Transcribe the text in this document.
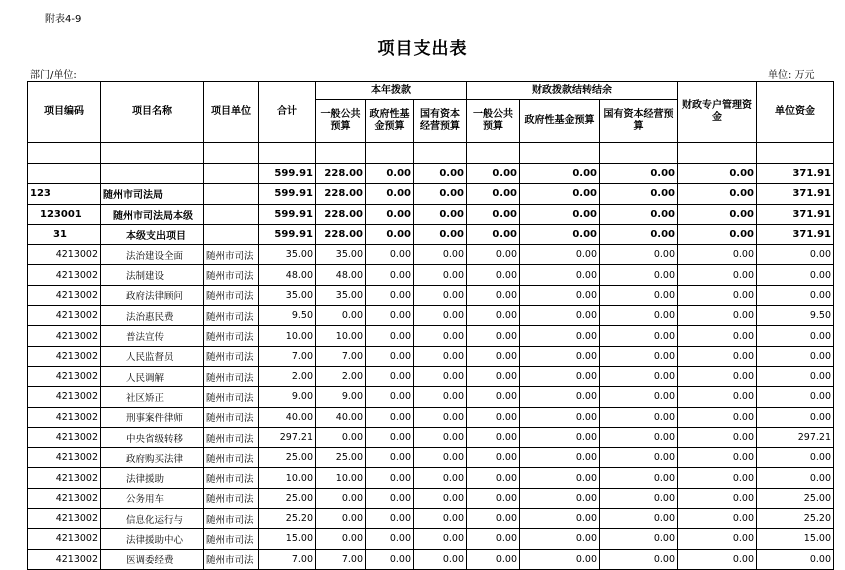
附表4-9
项目支出表
部门/单位:	单位: 万元
项目编码	项目名称	项目单位	合计	本年拨款			财政拨款结转结余			财政专户管理资金	单位资金
				一般公共预算	政府性基金预算	国有资本经营预算	一般公共预算	政府性基金预算	国有资本经营预算		

			599.91	228.00	0.00	0.00	0.00	0.00	0.00	0.00	371.91
123	随州市司法局		599.91	228.00	0.00	0.00	0.00	0.00	0.00	0.00	371.91
123001	随州市司法局本级		599.91	228.00	0.00	0.00	0.00	0.00	0.00	0.00	371.91
31	本级支出项目		599.91	228.00	0.00	0.00	0.00	0.00	0.00	0.00	371.91
4213002	法治建设全面	随州市司法	35.00	35.00	0.00	0.00	0.00	0.00	0.00	0.00	0.00
4213002	法制建设	随州市司法	48.00	48.00	0.00	0.00	0.00	0.00	0.00	0.00	0.00
4213002	政府法律顾问	随州市司法	35.00	35.00	0.00	0.00	0.00	0.00	0.00	0.00	0.00
4213002	法治惠民费	随州市司法	9.50	0.00	0.00	0.00	0.00	0.00	0.00	0.00	9.50
4213002	普法宣传	随州市司法	10.00	10.00	0.00	0.00	0.00	0.00	0.00	0.00	0.00
4213002	人民监督员	随州市司法	7.00	7.00	0.00	0.00	0.00	0.00	0.00	0.00	0.00
4213002	人民调解	随州市司法	2.00	2.00	0.00	0.00	0.00	0.00	0.00	0.00	0.00
4213002	社区矫正	随州市司法	9.00	9.00	0.00	0.00	0.00	0.00	0.00	0.00	0.00
4213002	刑事案件律师	随州市司法	40.00	40.00	0.00	0.00	0.00	0.00	0.00	0.00	0.00
4213002	中央省级转移	随州市司法	297.21	0.00	0.00	0.00	0.00	0.00	0.00	0.00	297.21
4213002	政府购买法律	随州市司法	25.00	25.00	0.00	0.00	0.00	0.00	0.00	0.00	0.00
4213002	法律援助	随州市司法	10.00	10.00	0.00	0.00	0.00	0.00	0.00	0.00	0.00
4213002	公务用车	随州市司法	25.00	0.00	0.00	0.00	0.00	0.00	0.00	0.00	25.00
4213002	信息化运行与	随州市司法	25.20	0.00	0.00	0.00	0.00	0.00	0.00	0.00	25.20
4213002	法律援助中心	随州市司法	15.00	0.00	0.00	0.00	0.00	0.00	0.00	0.00	15.00
4213002	医调委经费	随州市司法	7.00	7.00	0.00	0.00	0.00	0.00	0.00	0.00	0.00
